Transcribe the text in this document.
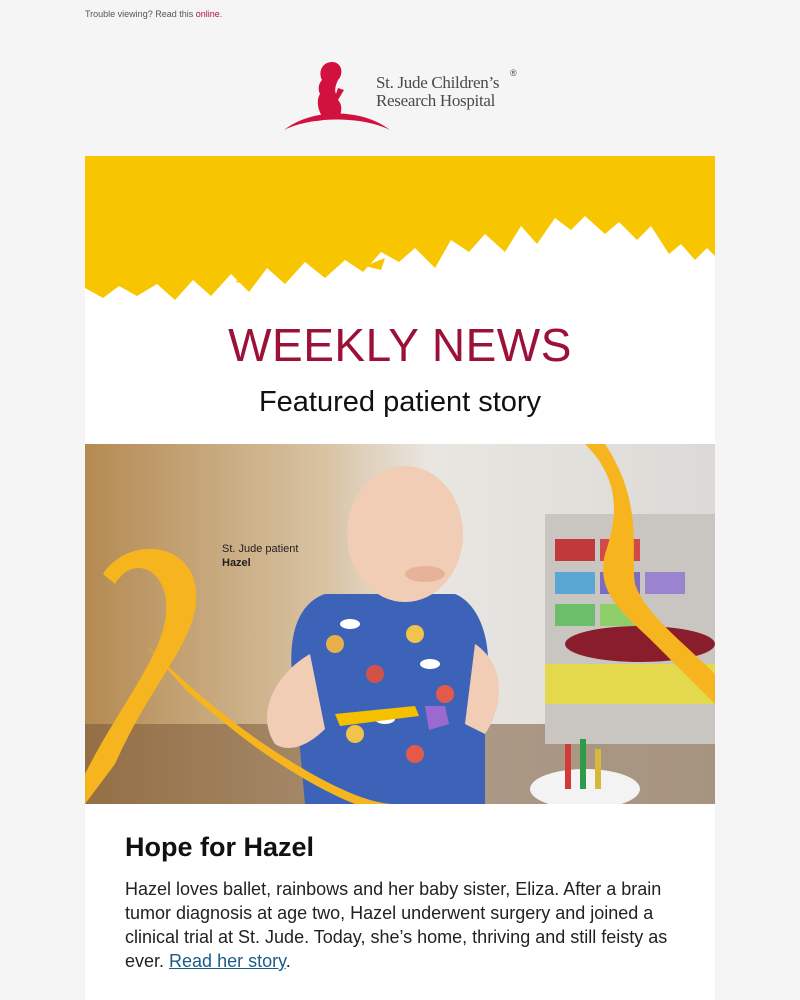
Trouble viewing? Read this online.
St. Jude Children’s
Research Hospital
®
WEEKLY NEWS
Featured patient story
St. Jude patient
Hazel
Hope for Hazel
Hazel loves ballet, rainbows and her baby sister, Eliza. After a brain tumor diagnosis at age two, Hazel underwent surgery and joined a clinical trial at St. Jude. Today, she’s home, thriving and still feisty as ever. Read her story.
